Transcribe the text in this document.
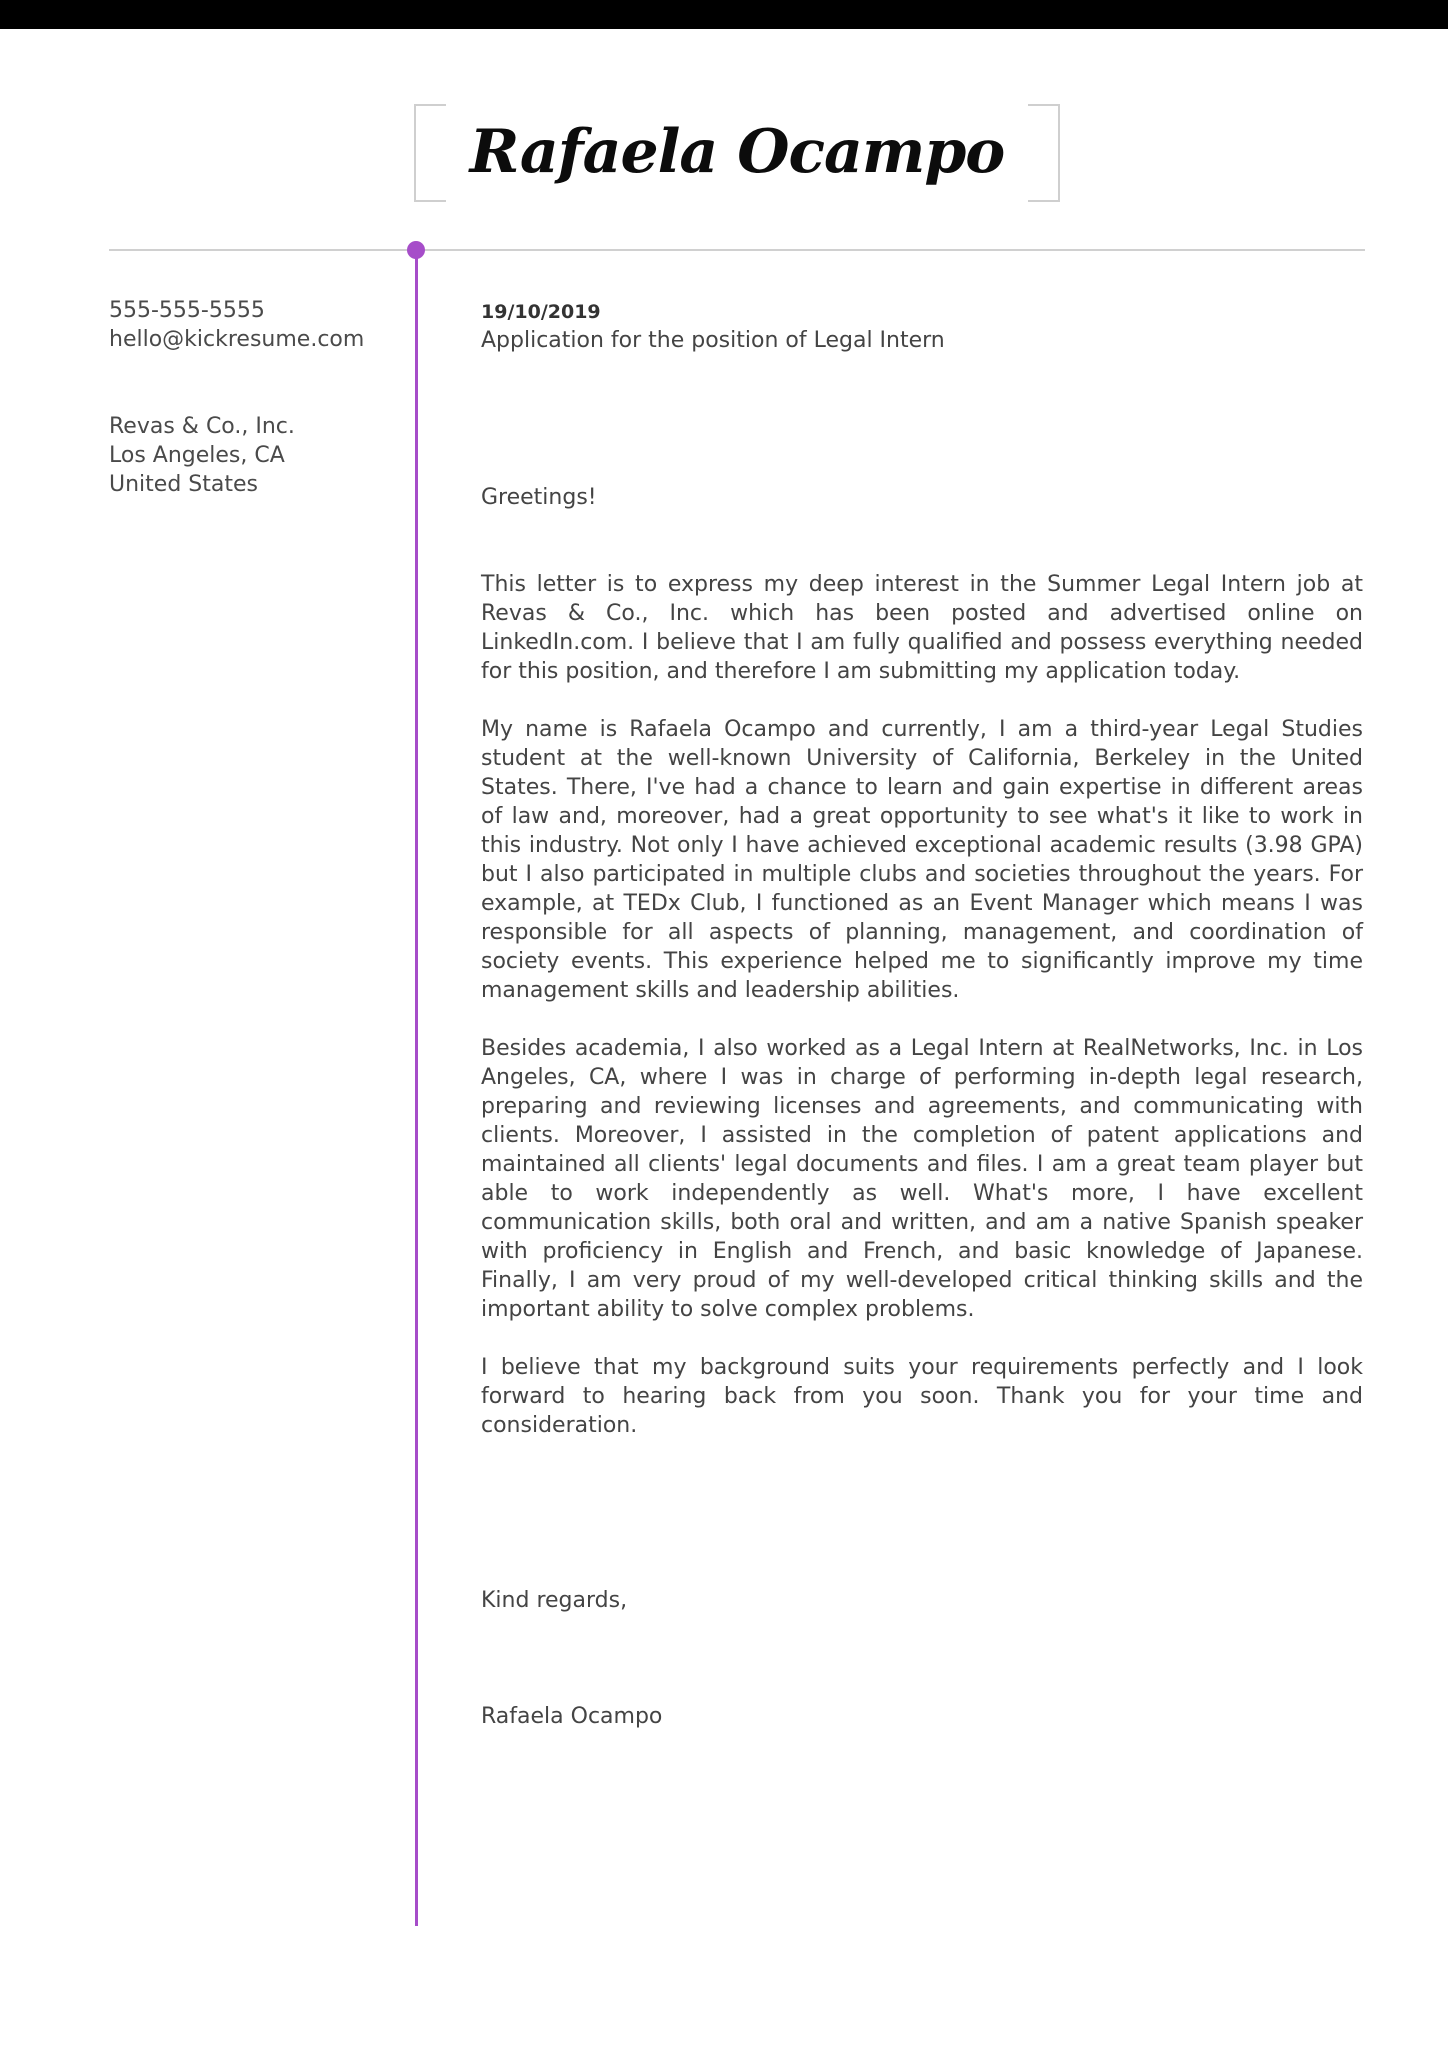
Rafaela Ocampo
555-555-5555
hello@kickresume.com
Revas & Co., Inc.
Los Angeles, CA
United States
19/10/2019
Application for the position of Legal Intern
Greetings!

This letter is to express my deep interest in the Summer Legal Intern job at Revas & Co., Inc. which has been posted and advertised online on LinkedIn.com. I believe that I am fully qualified and possess everything needed for this position, and therefore I am submitting my application today.

My name is Rafaela Ocampo and currently, I am a third-year Legal Studies student at the well-known University of California, Berkeley in the United States. There, I've had a chance to learn and gain expertise in different areas of law and, moreover, had a great opportunity to see what's it like to work in this industry. Not only I have achieved exceptional academic results (3.98 GPA) but I also participated in multiple clubs and societies throughout the years. For example, at TEDx Club, I functioned as an Event Manager which means I was responsible for all aspects of planning, management, and coordination of society events. This experience helped me to significantly improve my time management skills and leadership abilities.

Besides academia, I also worked as a Legal Intern at RealNetworks, Inc. in Los Angeles, CA, where I was in charge of performing in-depth legal research, preparing and reviewing licenses and agreements, and communicating with clients. Moreover, I assisted in the completion of patent applications and maintained all clients' legal documents and files. I am a great team player but able to work independently as well. What's more, I have excellent communication skills, both oral and written, and am a native Spanish speaker with proficiency in English and French, and basic knowledge of Japanese. Finally, I am very proud of my well-developed critical thinking skills and the important ability to solve complex problems.

I believe that my background suits your requirements perfectly and I look forward to hearing back from you soon. Thank you for your time and consideration.

Kind regards,
Rafaela Ocampo
